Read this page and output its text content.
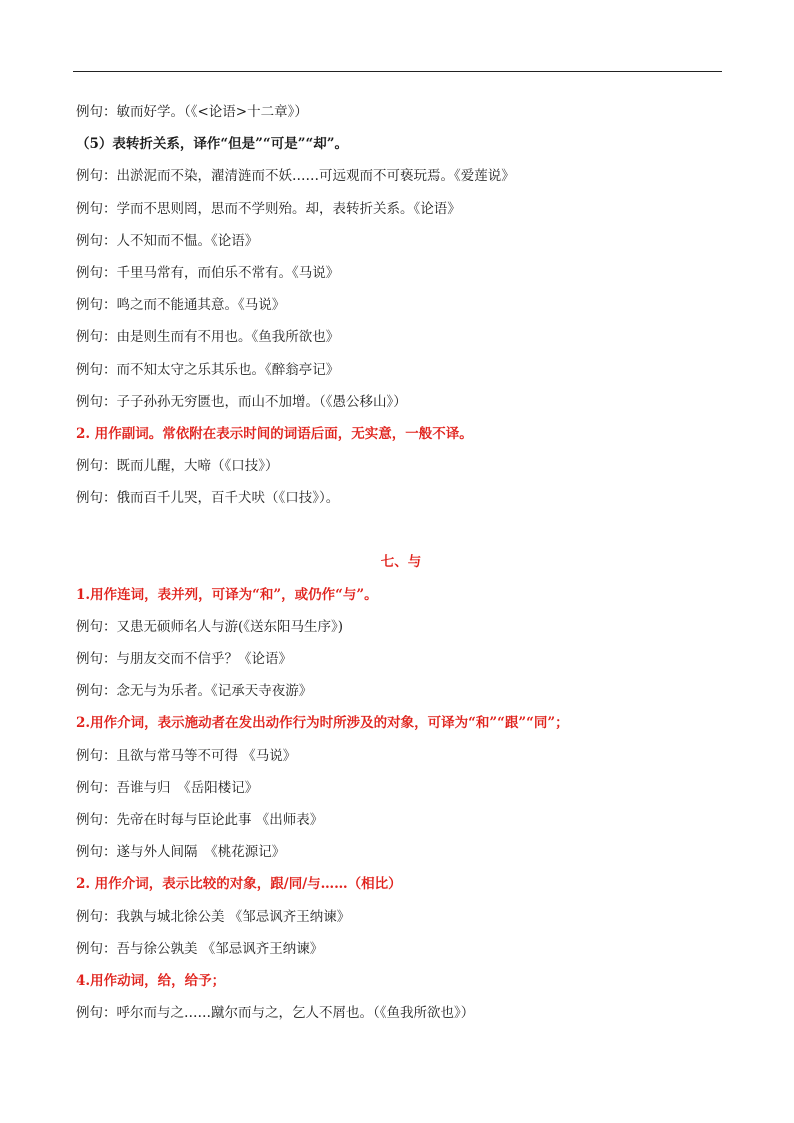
例句：敏而好学。（《<论语>十二章》）
（5）表转折关系，译作“但是”“可是”“却”。
例句：出淤泥而不染，濯清涟而不妖……可远观而不可亵玩焉。《爱莲说》
例句：学而不思则罔，思而不学则殆。却，表转折关系。《论语》
例句：人不知而不愠。《论语》
例句：千里马常有，而伯乐不常有。《马说》
例句：鸣之而不能通其意。《马说》
例句：由是则生而有不用也。《鱼我所欲也》
例句：而不知太守之乐其乐也。《醉翁亭记》
例句：子子孙孙无穷匮也，而山不加增。（《愚公移山》）
2. 用作副词。常依附在表示时间的词语后面，无实意，一般不译。
例句：既而儿醒，大啼（《口技》）
例句：俄而百千儿哭，百千犬吠（《口技》）。
七、与
1.用作连词，表并列，可译为“和”，或仍作“与”。
例句：又患无硕师名人与游(《送东阳马生序》)
例句：与朋友交而不信乎？《论语》
例句：念无与为乐者。《记承天寺夜游》
2.用作介词，表示施动者在发出动作行为时所涉及的对象，可译为“和”“跟”“同”；
例句：且欲与常马等不可得 《马说》
例句：吾谁与归　《岳阳楼记》
例句：先帝在时每与臣论此事 《出师表》
例句：遂与外人间隔　《桃花源记》
2. 用作介词，表示比较的对象，跟/同/与……（相比）
例句：我孰与城北徐公美 《邹忌讽齐王纳谏》
例句：吾与徐公孰美 《邹忌讽齐王纳谏》
4.用作动词，给，给予；
例句：呼尔而与之……蹴尔而与之，乞人不屑也。（《鱼我所欲也》）
